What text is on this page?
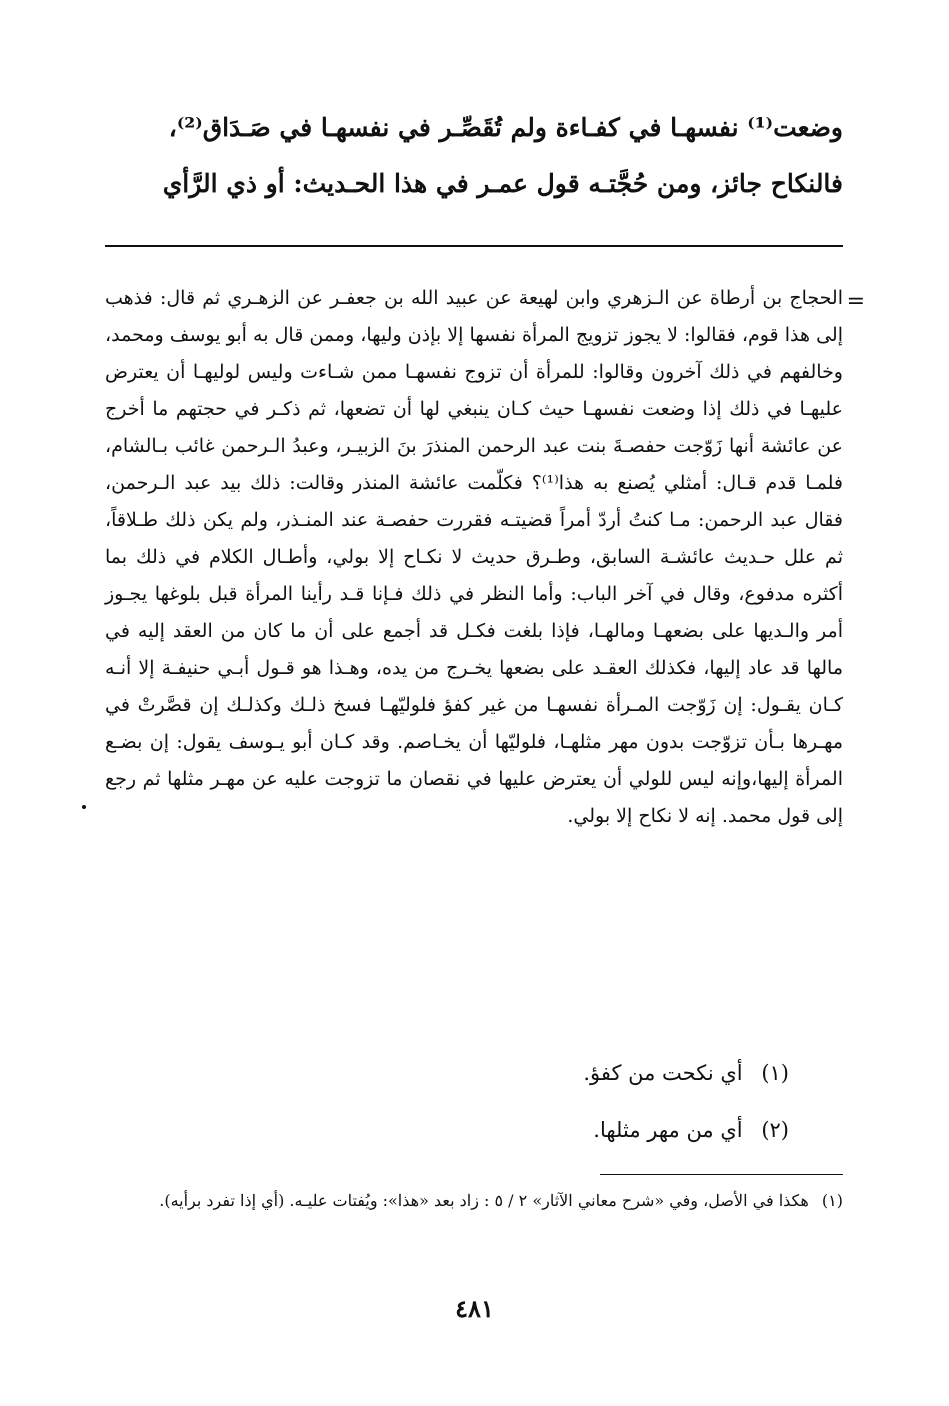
وضعت⁽¹⁾ نفسهـا في كفـاءة ولم تُقَصِّـر في نفسهـا في صَـدَاق⁽²⁾،

فالنكاح جائز، ومن حُجَّتـه قول عمـر في هذا الحـديث: أو ذي الرَّأي

=

الحجاج بن أرطاة عن الـزهري وابن لهيعة عن عبيد الله بن جعفـر عن الزهـري ثم قال: فذهب إلى هذا قوم، فقالوا: لا يجوز تزويج المرأة نفسها إلا بإذن وليها، وممن قال به أبو يوسف ومحمد، وخالفهم في ذلك آخرون وقالوا: للمرأة أن تزوج نفسهـا ممن شـاءت وليس لوليهـا أن يعترض عليهـا في ذلك إذا وضعت نفسهـا حيث كـان ينبغي لها أن تضعها، ثم ذكـر في حجتهم ما أخرج عن عائشة أنها زَوّجت حفصـةَ بنت عبد الرحمن المنذرَ بنَ الزبيـر، وعبدُ الـرحمن غائب بـالشام، فلمـا قدم قـال: أمثلي يُصنع به هذا⁽¹⁾؟ فكلّمت عائشة المنذر وقالت: ذلك بيد عبد الـرحمن، فقال عبد الرحمن: مـا كنتُ أردّ أمراً قضيتـه فقررت حفصـة عند المنـذر، ولم يكن ذلك طـلاقاً، ثم علل حـديث عائشـة السابق، وطـرق حديث لا نكـاح إلا بولي، وأطـال الكلام في ذلك بما أكثره مدفوع، وقال في آخر الباب: وأما النظر في ذلك فـإنا قـد رأينا المرأة قبل بلوغها يجـوز أمر والـديها على بضعهـا ومالهـا، فإذا بلغت فكـل قد أجمع على أن ما كان من العقد إليه في مالها قد عاد إليها، فكذلك العقـد على بضعها يخـرج من يده، وهـذا هو قـول أبـي حنيفـة إلا أنـه كـان يقـول: إن زَوّجت المـرأة نفسهـا من غير كفؤ فلوليّهـا فسخ ذلـك وكذلـك إن قصَّرتْ في مهـرها بـأن تزوّجت بدون مهر مثلهـا، فلوليّها أن يخـاصم. وقد كـان أبو يـوسف يقول: إن بضـع المرأة إليها،وإنه ليس للولي أن يعترض عليها في نقصان ما تزوجت عليه عن مهـر مثلها ثم رجع إلى قول محمد. إنه لا نكاح إلا بولي.

(١) أي نكحت من كفؤ.
(٢) أي من مهر مثلها.
(١) هكذا في الأصل، وفي «شرح معاني الآثار» ٢ / ٥ : زاد بعد «هذا»: ويُفتات عليـه. (أي إذا تفرد برأيه).
٤٨١
